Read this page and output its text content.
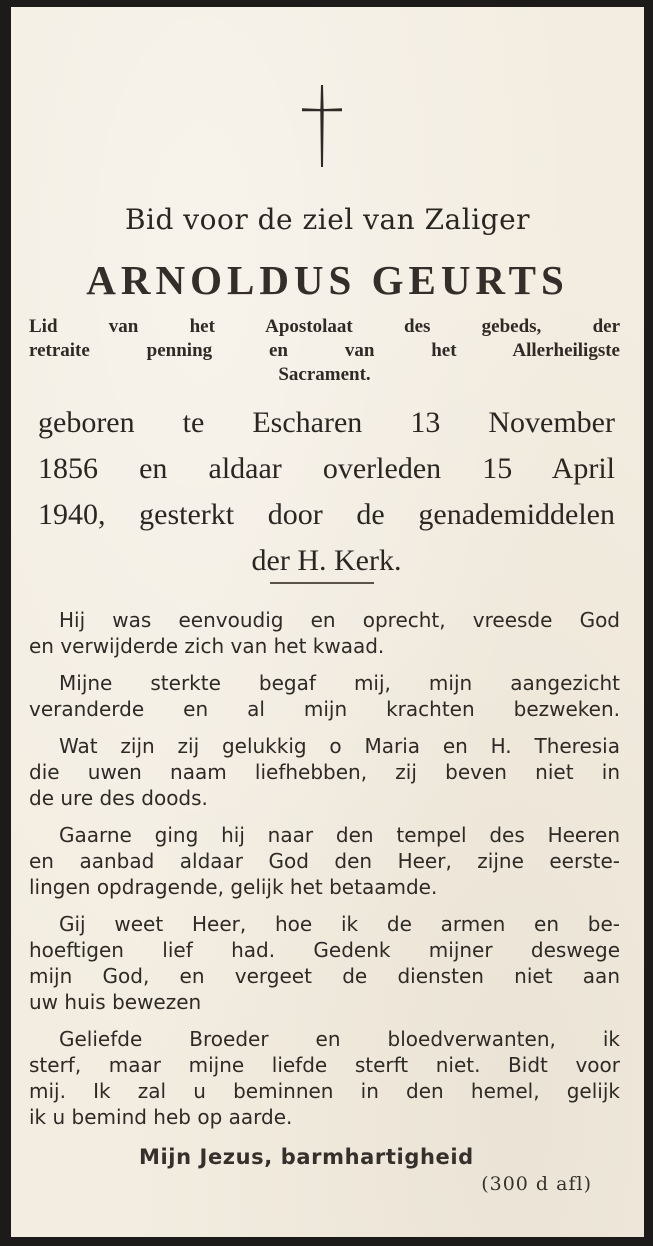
Bid voor de ziel van Zaliger
ARNOLDUS GEURTS
Lid van het Apostolaat des gebeds, der
retraite penning en van het Allerheiligste
Sacrament.
geboren te Escharen 13 November
1856 en aldaar overleden 15 April
1940, gesterkt door de genademiddelen
der H. Kerk.
Hij was eenvoudig en oprecht, vreesde God
en verwijderde zich van het kwaad.
Mijne sterkte begaf mij, mijn aangezicht
veranderde en al mijn krachten bezweken.
Wat zijn zij gelukkig o Maria en H. Theresia
die uwen naam liefhebben, zij beven niet in
de ure des doods.
Gaarne ging hij naar den tempel des Heeren
en aanbad aldaar God den Heer, zijne eerste-
lingen opdragende, gelijk het betaamde.
Gij weet Heer, hoe ik de armen en be-
hoeftigen lief had. Gedenk mijner deswege
mijn God, en vergeet de diensten niet aan
uw huis bewezen
Geliefde Broeder en bloedverwanten, ik
sterf, maar mijne liefde sterft niet. Bidt voor
mij. Ik zal u beminnen in den hemel, gelijk
ik u bemind heb op aarde.
Mijn Jezus, barmhartigheid
(300 d afl)
